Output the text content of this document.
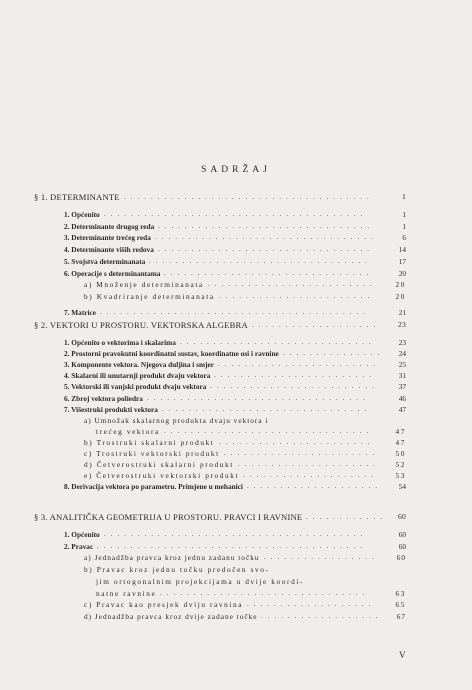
SADRŽAJ
§ 1. DETERMINANTE	1
.....................................
1. Općenito	1
.......................................
2. Determinante drugog reda	1
................................
3. Determinante trećeg reda	6
.................................
4. Determinante viših redova	14
................................
5. Svojstva determinanata	17
.................................
6. Operacije s determinantama	20
...............................
a) Množenje determinanata	20
.........................
b) Kvadriranje determinanata	20
.......................
7. Matrice	21
........................................
§ 2. VEKTORI U PROSTORU. VEKTORSKA ALGEBRA	23
...................
1. Općenito o vektorima i skalarima	23
.............................
2. Prostorni pravokutni koordinatni sustav, koordinatne osi i ravnine	24
...............
3. Komponente vektora. Njegova duljina i smjer	25
........................
4. Skalarni ili unutarnji produkt dvaju vektora	31
........................
5. Vektorski ili vanjski produkt dvaju vektora	37
.........................
6. Zbroj vektora poliedra	46
.................................
7. Višestruki produkti vektora	47
...............................
a) Umnožak skalarnog produkta dvaju vektora i
trećeg vektora	47
...............................
b) Trostruki skalarni produkt	47
.......................
c) Trostruki vektorski produkt	50
.......................
d) Četverostruki skalarni produkt	52
.....................
e) Četverostruki vektorski produkt	53
....................
8. Derivacija vektora po parametru. Primjene u mehanici	54
....................
§ 3. ANALITIČKA GEOMETRIJA U PROSTORU. PRAVCI I RAVNINE	60
............
1. Općenito	60
.......................................
2. Pravac	60
........................................
a) Jednadžba pravca kroz jednu zadanu točku	60
.................
b) Pravac kroz jednu točku predočen svo-
jim ortogonalnim projekcijama u dvije koordi-
natne ravnine	63
...............................
c) Pravac kao presjek dviju ravnina	65
...................
d) Jednadžba pravca kroz dvije zadane točke	67
..................
V
